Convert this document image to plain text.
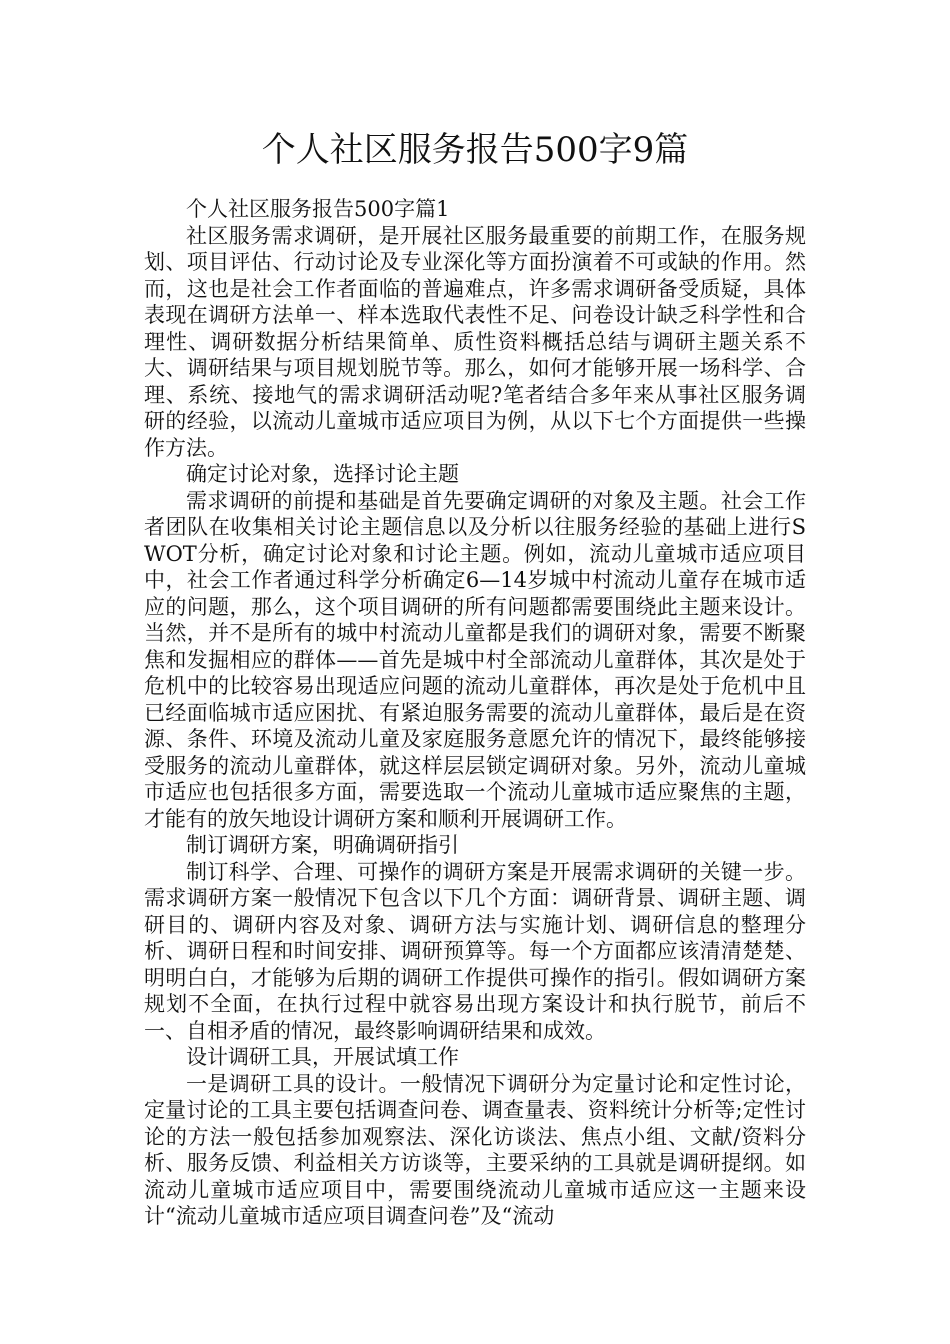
个人社区服务报告500字9篇

个人社区服务报告500字篇1

社区服务需求调研，是开展社区服务最重要的前期工作，在服务规划、项目评估、行动讨论及专业深化等方面扮演着不可或缺的作用。然而，这也是社会工作者面临的普遍难点，许多需求调研备受质疑，具体表现在调研方法单一、样本选取代表性不足、问卷设计缺乏科学性和合理性、调研数据分析结果简单、质性资料概括总结与调研主题关系不大、调研结果与项目规划脱节等。那么，如何才能够开展一场科学、合理、系统、接地气的需求调研活动呢?笔者结合多年来从事社区服务调研的经验，以流动儿童城市适应项目为例，从以下七个方面提供一些操作方法。

确定讨论对象，选择讨论主题

需求调研的前提和基础是首先要确定调研的对象及主题。社会工作者团队在收集相关讨论主题信息以及分析以往服务经验的基础上进行SWOT分析，确定讨论对象和讨论主题。例如，流动儿童城市适应项目中，社会工作者通过科学分析确定6—14岁城中村流动儿童存在城市适应的问题，那么，这个项目调研的所有问题都需要围绕此主题来设计。当然，并不是所有的城中村流动儿童都是我们的调研对象，需要不断聚焦和发掘相应的群体——首先是城中村全部流动儿童群体，其次是处于危机中的比较容易出现适应问题的流动儿童群体，再次是处于危机中且已经面临城市适应困扰、有紧迫服务需要的流动儿童群体，最后是在资源、条件、环境及流动儿童及家庭服务意愿允许的情况下，最终能够接受服务的流动儿童群体，就这样层层锁定调研对象。另外，流动儿童城市适应也包括很多方面，需要选取一个流动儿童城市适应聚焦的主题，才能有的放矢地设计调研方案和顺利开展调研工作。

制订调研方案，明确调研指引

制订科学、合理、可操作的调研方案是开展需求调研的关键一步。需求调研方案一般情况下包含以下几个方面：调研背景、调研主题、调研目的、调研内容及对象、调研方法与实施计划、调研信息的整理分析、调研日程和时间安排、调研预算等。每一个方面都应该清清楚楚、明明白白，才能够为后期的调研工作提供可操作的指引。假如调研方案规划不全面，在执行过程中就容易出现方案设计和执行脱节，前后不一、自相矛盾的情况，最终影响调研结果和成效。

设计调研工具，开展试填工作

一是调研工具的设计。一般情况下调研分为定量讨论和定性讨论，定量讨论的工具主要包括调查问卷、调查量表、资料统计分析等;定性讨论的方法一般包括参加观察法、深化访谈法、焦点小组、文献/资料分析、服务反馈、利益相关方访谈等，主要采纳的工具就是调研提纲。如流动儿童城市适应项目中，需要围绕流动儿童城市适应这一主题来设计“流动儿童城市适应项目调查问卷”及“流动
